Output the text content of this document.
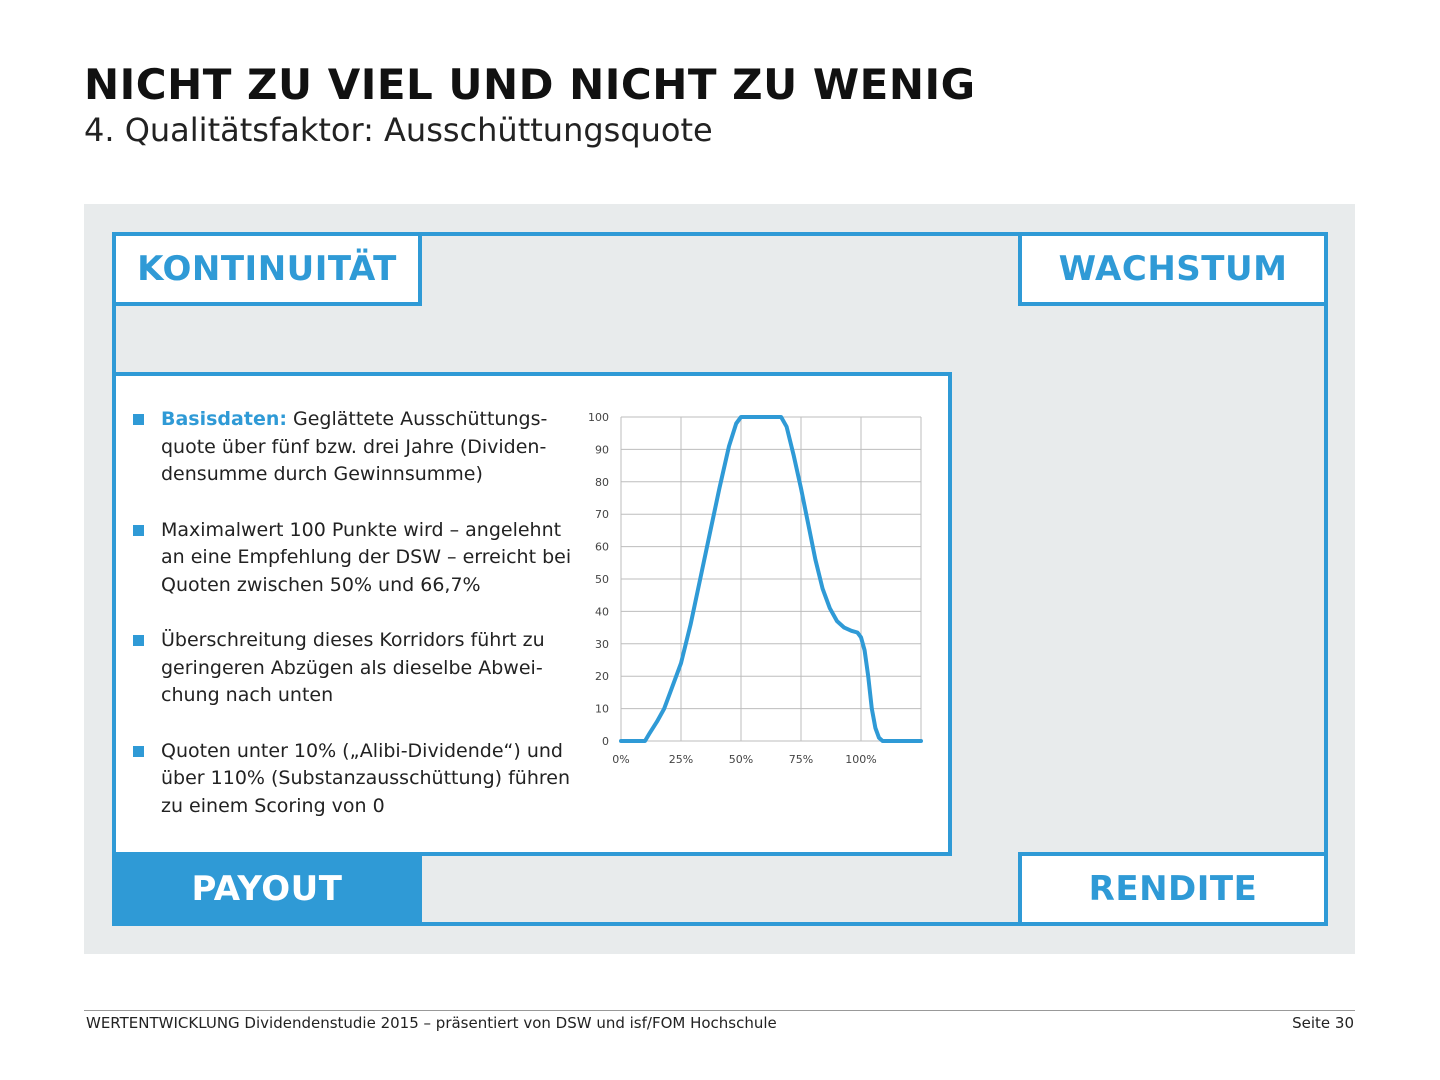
NICHT ZU VIEL UND NICHT ZU WENIG
4. Qualitätsfaktor: Ausschüttungsquote
KONTINUITÄT	WACHSTUM
PAYOUT	RENDITE
Basisdaten: Geglättete Ausschüttungs-quote über fünf bzw. drei Jahre (Dividen-densumme durch Gewinnsumme)
Maximalwert 100 Punkte wird – angelehnt an eine Empfehlung der DSW – erreicht bei Quoten zwischen 50% und 66,7%
Überschreitung dieses Korridors führt zu geringeren Abzügen als dieselbe Abwei-chung nach unten
Quoten unter 10% („Alibi-Dividende“) und über 110% (Substanzausschüttung) führen zu einem Scoring von 0
0
10
20
30
40
50
60
70
80
90
100
0%	25%	50%	75%	100%
WERTENTWICKLUNG Dividendenstudie 2015 – präsentiert von DSW und isf/FOM Hochschule	Seite 30
